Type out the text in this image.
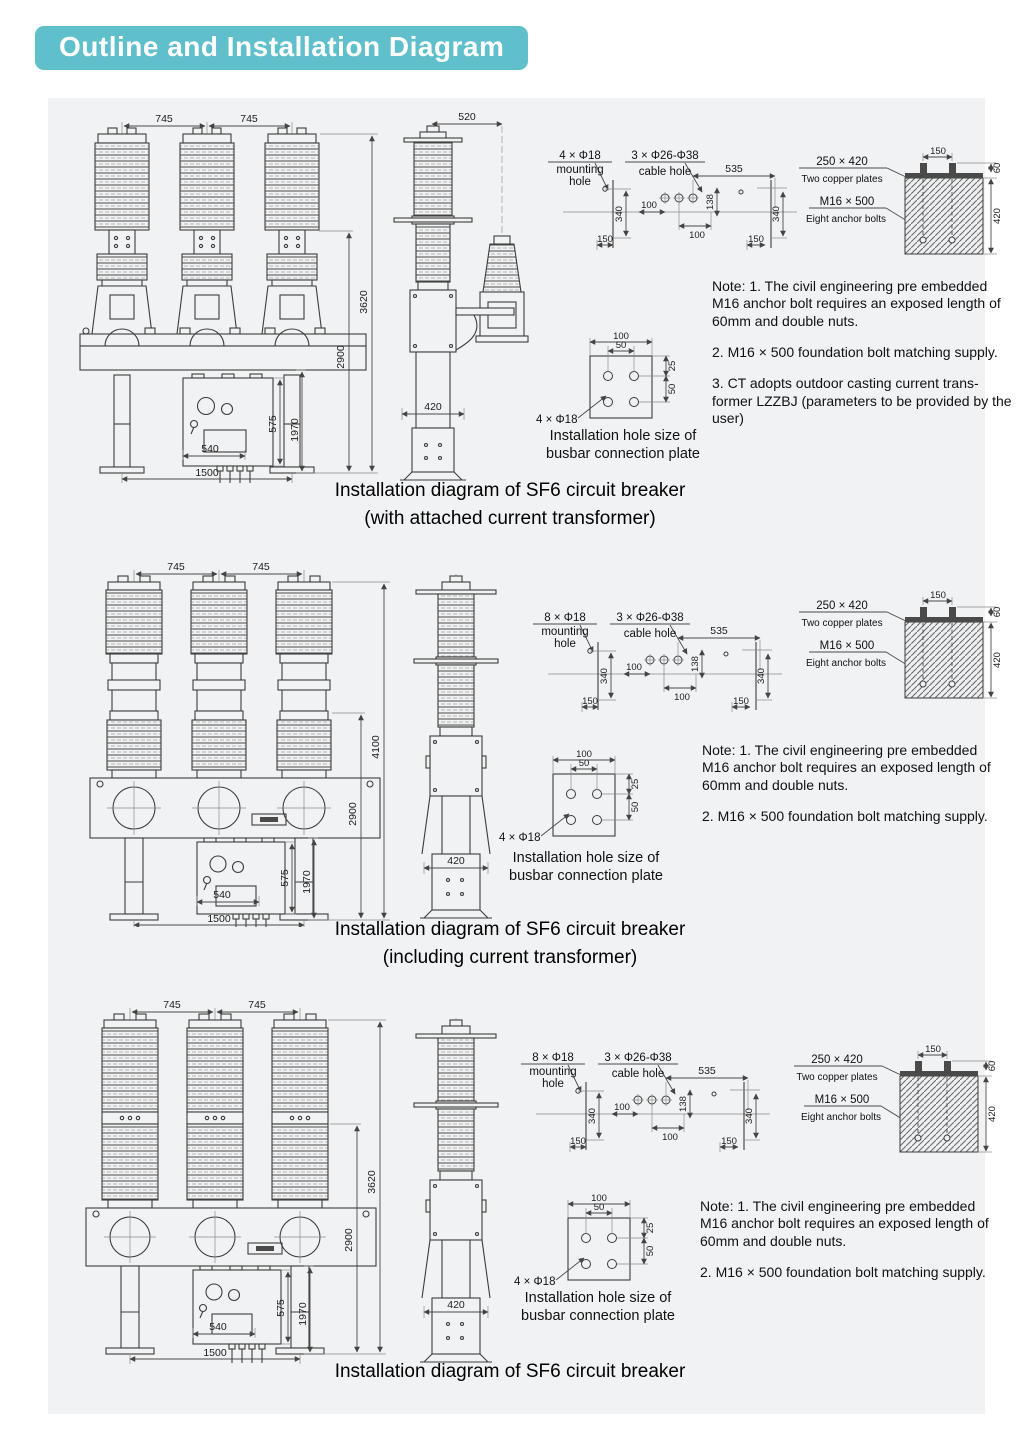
Outline and Installation Diagram
745	745
3620
2900
575 1970
540
1500
520
420
4 × Φ18
mounting
hole
3 × Φ26-Φ38
cable hole
340
150
100
100
535
138
340
150
250 × 420
Two copper plates
M16 × 500
Eight anchor bolts
150
60
420

Note: 1. The civil engineering pre embedded M16 anchor bolt requires an exposed length of 60mm and double nuts.

2. M16 × 500 foundation bolt matching supply.

3. CT adopts outdoor casting current trans-former LZZBJ (parameters to be provided by the user)

100
50
25
50
4 × Φ18
Installation hole size of
busbar connection plate
Installation diagram of SF6 circuit breaker
(with attached current transformer)
745	745
4100
2900
575 1970
540
1500
420
8 × Φ18
mounting
hole
3 × Φ26-Φ38
cable hole
340
150
100
100
535
138
340
150
250 × 420
Two copper plates
M16 × 500
Eight anchor bolts
150
60
420

Note: 1. The civil engineering pre embedded M16 anchor bolt requires an exposed length of 60mm and double nuts.

2. M16 × 500 foundation bolt matching supply.

100
50
25
50
4 × Φ18
Installation hole size of
busbar connection plate
Installation diagram of SF6 circuit breaker
(including current transformer)
745	745
3620
2900
575 1970
540
1500
420
8 × Φ18
mounting
hole
3 × Φ26-Φ38
cable hole
340
150
100
100
535
138
340
150
250 × 420
Two copper plates
M16 × 500
Eight anchor bolts
150
60
420

Note: 1. The civil engineering pre embedded M16 anchor bolt requires an exposed length of 60mm and double nuts.

2. M16 × 500 foundation bolt matching supply.

100
50
25
50
4 × Φ18
Installation hole size of
busbar connection plate
Installation diagram of SF6 circuit breaker
